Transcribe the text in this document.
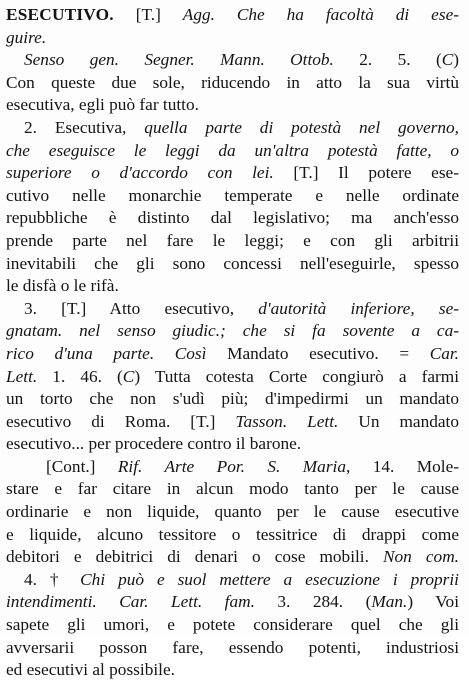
ESECUTIVO. [T.] Agg. Che ha facoltà di ese-
guire.
Senso gen. Segner. Mann. Ottob. 2. 5. (C)
Con queste due sole, riducendo in atto la sua virtù
esecutiva, egli può far tutto.
2. Esecutiva, quella parte di potestà nel governo,
che eseguisce le leggi da un'altra potestà fatte, o
superiore o d'accordo con lei. [T.] Il potere ese-
cutivo nelle monarchie temperate e nelle ordinate
repubbliche è distinto dal legislativo; ma anch'esso
prende parte nel fare le leggi; e con gli arbitrii
inevitabili che gli sono concessi nell'eseguirle, spesso
le disfà o le rifà.
3. [T.] Atto esecutivo, d'autorità inferiore, se-
gnatam. nel senso giudic.; che si fa sovente a ca-
rico d'una parte. Così Mandato esecutivo. = Car.
Lett. 1. 46. (C) Tutta cotesta Corte congiurò a farmi
un torto che non s'udì più; d'impedirmi un mandato
esecutivo di Roma. [T.] Tasson. Lett. Un mandato
esecutivo... per procedere contro il barone.
[Cont.] Rif. Arte Por. S. Maria, 14. Mole-
stare e far citare in alcun modo tanto per le cause
ordinarie e non liquide, quanto per le cause esecutive
e liquide, alcuno tessitore o tessitrice di drappi come
debitori e debitrici di denari o cose mobili. Non com.
4. † Chi può e suol mettere a esecuzione i proprii
intendimenti. Car. Lett. fam. 3. 284. (Man.) Voi
sapete gli umori, e potete considerare quel che gli
avversarii posson fare, essendo potenti, industriosi
ed esecutivi al possibile.
